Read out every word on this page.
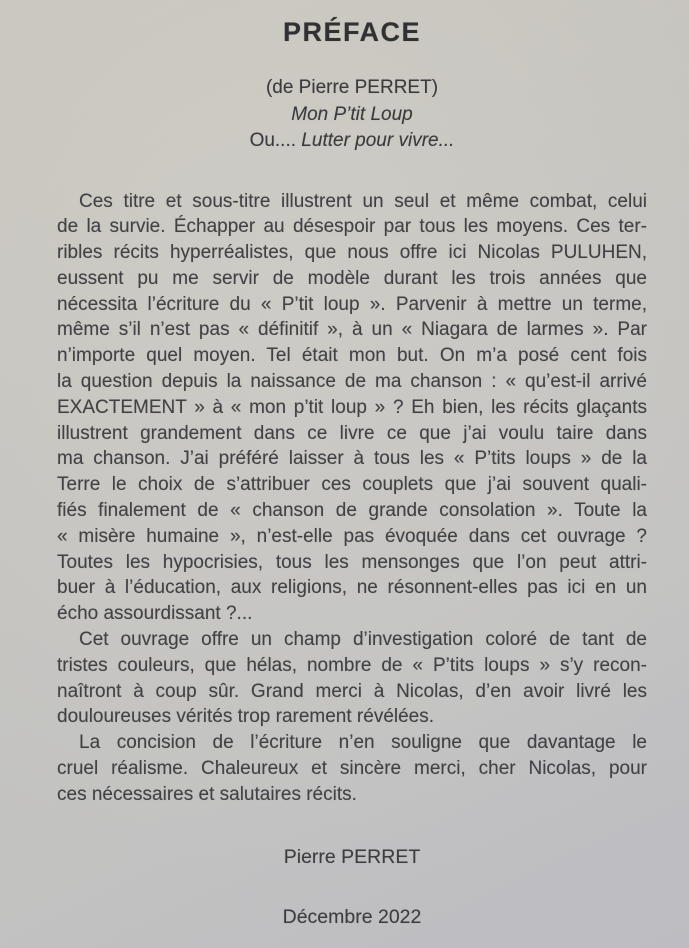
PRÉFACE
(de Pierre PERRET)
Mon P’tit Loup
Ou.... Lutter pour vivre...
Ces titre et sous-titre illustrent un seul et même combat, celui
de la survie. Échapper au désespoir par tous les moyens. Ces ter-
ribles récits hyperréalistes, que nous offre ici Nicolas PULUHEN,
eussent pu me servir de modèle durant les trois années que
nécessita l’écriture du « P’tit loup ». Parvenir à mettre un terme,
même s’il n’est pas « définitif », à un « Niagara de larmes ». Par
n’importe quel moyen. Tel était mon but. On m’a posé cent fois
la question depuis la naissance de ma chanson : « qu’est-il arrivé
EXACTEMENT » à « mon p’tit loup » ? Eh bien, les récits glaçants
illustrent grandement dans ce livre ce que j’ai voulu taire dans
ma chanson. J’ai préféré laisser à tous les « P’tits loups » de la
Terre le choix de s’attribuer ces couplets que j’ai souvent quali-
fiés finalement de « chanson de grande consolation ». Toute la
« misère humaine », n’est-elle pas évoquée dans cet ouvrage ?
Toutes les hypocrisies, tous les mensonges que l’on peut attri-
buer à l’éducation, aux religions, ne résonnent-elles pas ici en un
écho assourdissant ?...
Cet ouvrage offre un champ d’investigation coloré de tant de
tristes couleurs, que hélas, nombre de « P’tits loups » s’y recon-
naîtront à coup sûr. Grand merci à Nicolas, d’en avoir livré les
douloureuses vérités trop rarement révélées.
La concision de l’écriture n’en souligne que davantage le
cruel réalisme. Chaleureux et sincère merci, cher Nicolas, pour
ces nécessaires et salutaires récits.
Pierre PERRET
Décembre 2022
